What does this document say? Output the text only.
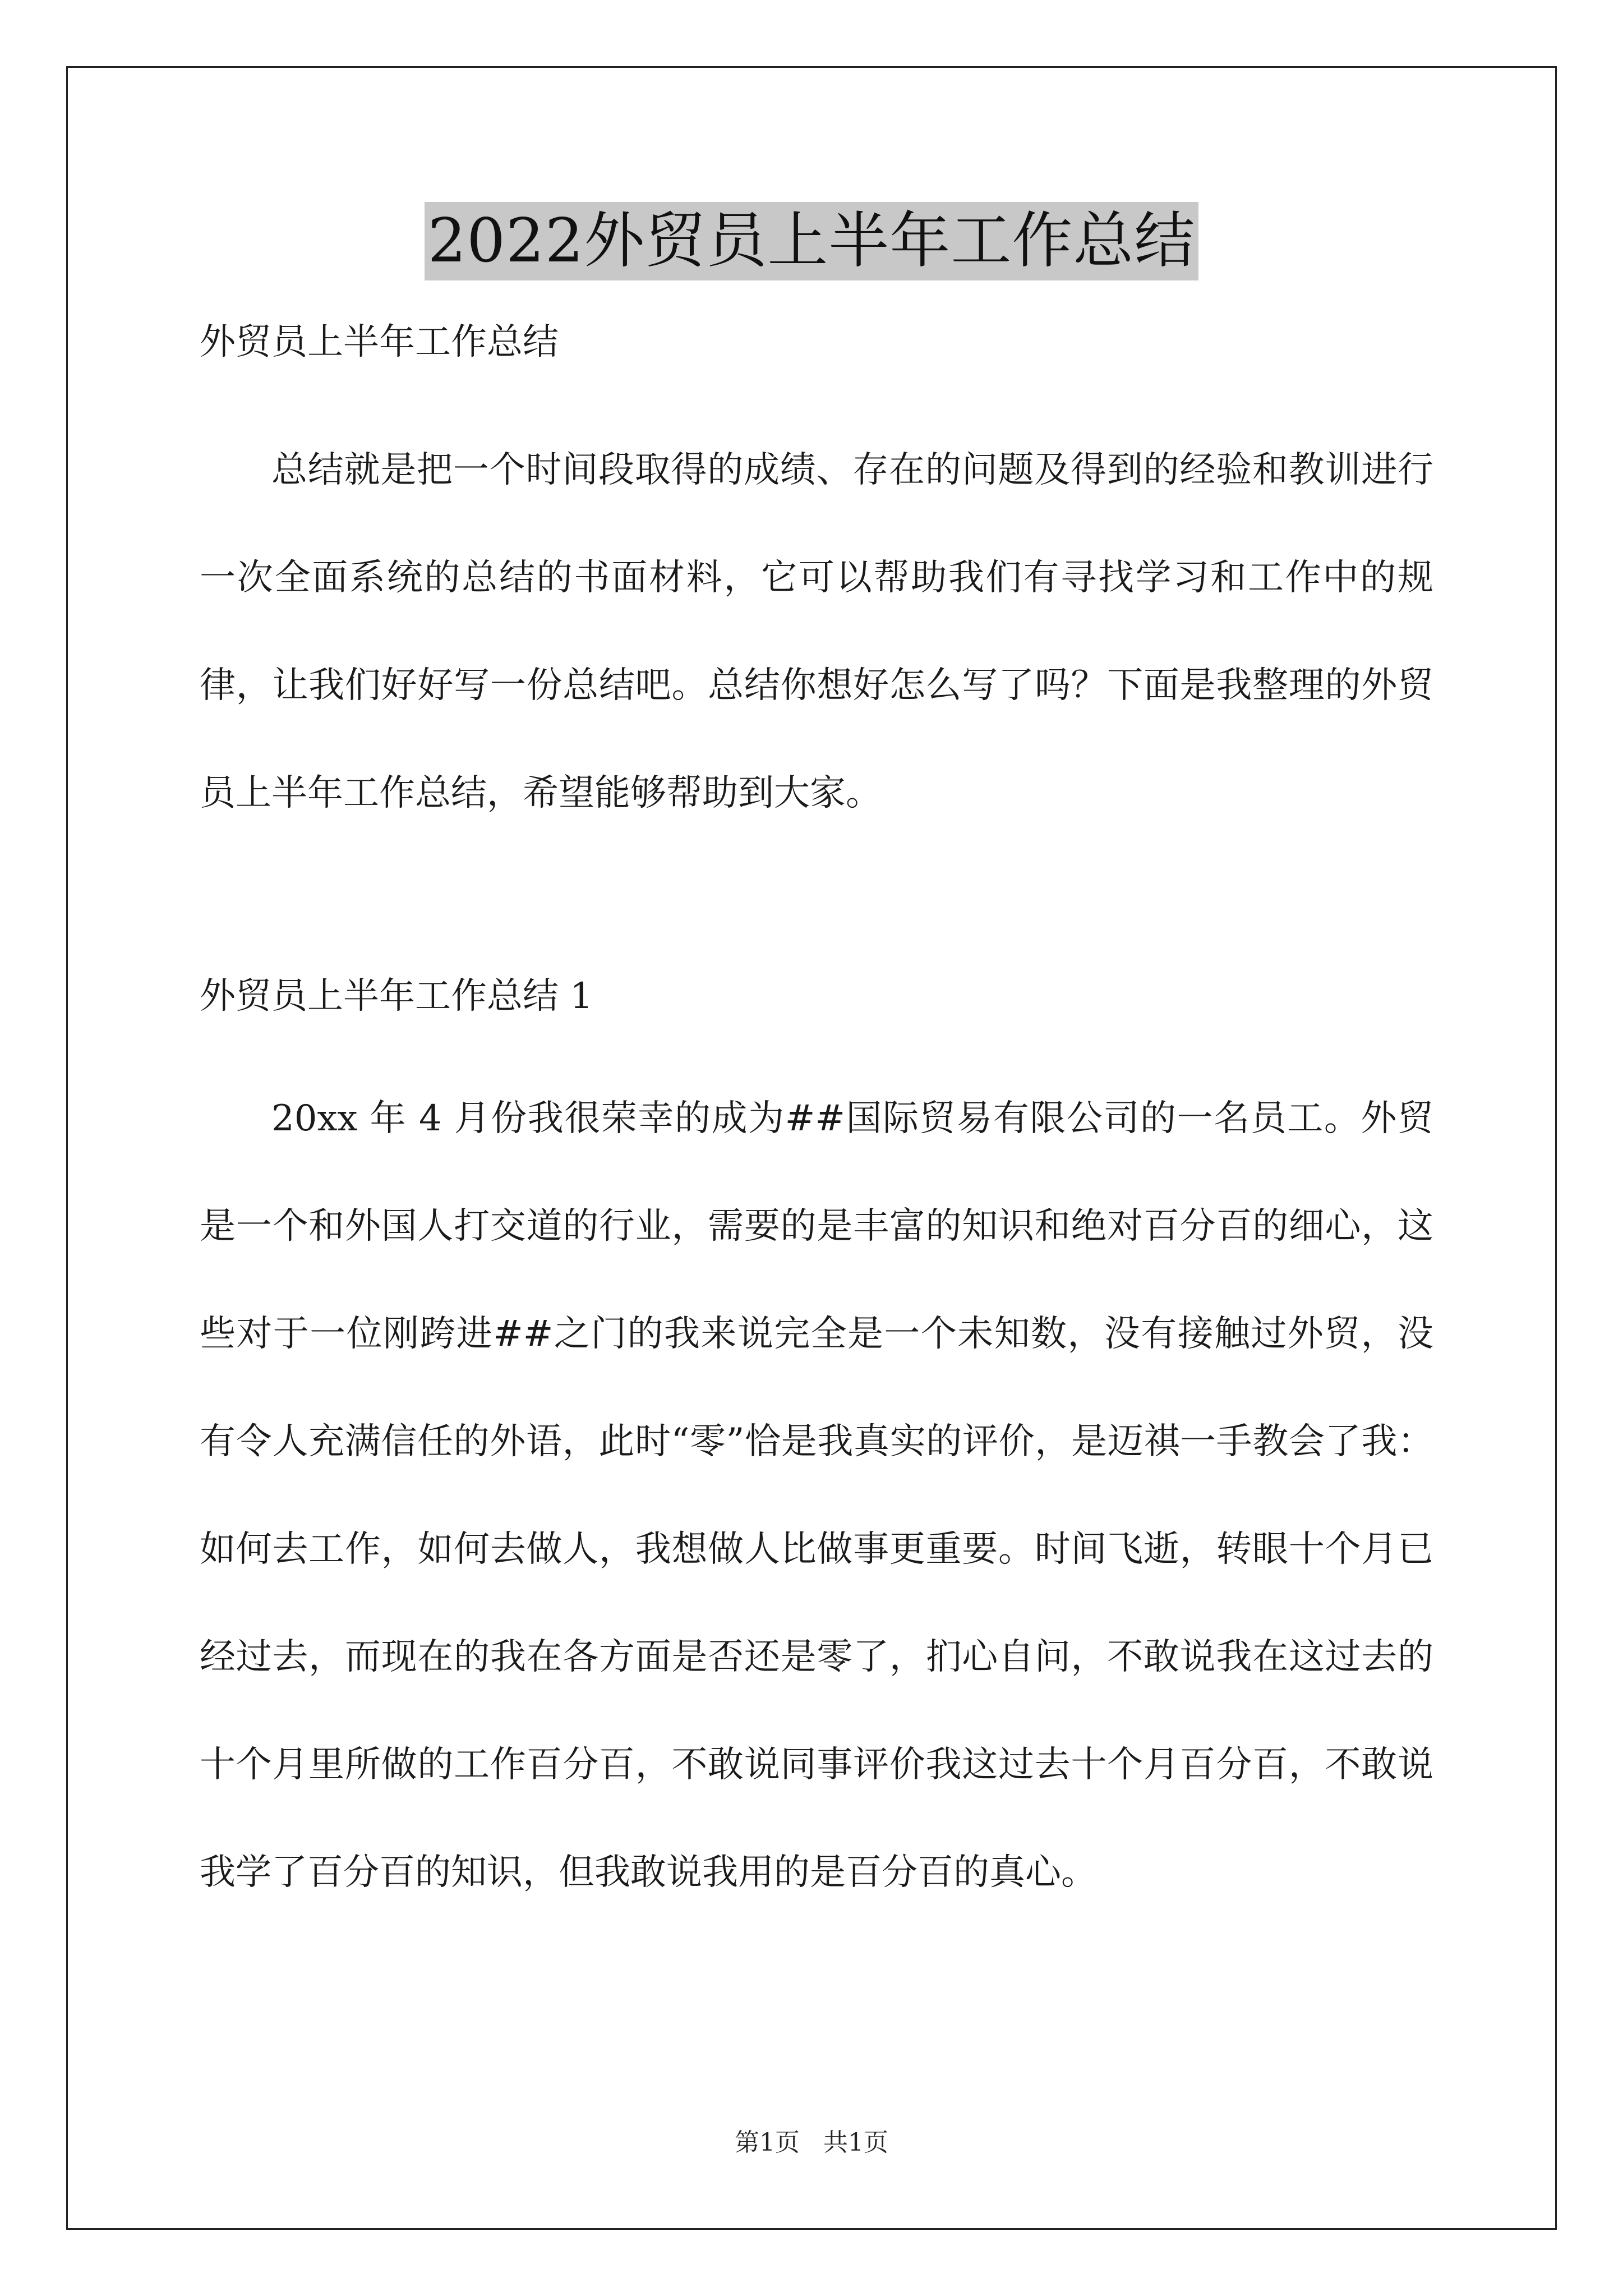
2022外贸员上半年工作总结
外贸员上半年工作总结

总结就是把一个时间段取得的成绩、存在的问题及得到的经验和教训进行一次全面系统的总结的书面材料，它可以帮助我们有寻找学习和工作中的规律，让我们好好写一份总结吧。总结你想好怎么写了吗？下面是我整理的外贸员上半年工作总结，希望能够帮助到大家。

外贸员上半年工作总结 1

20xx 年 4 月份我很荣幸的成为##国际贸易有限公司的一名员工。外贸是一个和外国人打交道的行业，需要的是丰富的知识和绝对百分百的细心，这些对于一位刚跨进##之门的我来说完全是一个未知数，没有接触过外贸，没有令人充满信任的外语，此时“零”恰是我真实的评价，是迈祺一手教会了我：如何去工作，如何去做人，我想做人比做事更重要。时间飞逝，转眼十个月已经过去，而现在的我在各方面是否还是零了，扪心自问，不敢说我在这过去的十个月里所做的工作百分百，不敢说同事评价我这过去十个月百分百，不敢说我学了百分百的知识，但我敢说我用的是百分百的真心。

第1页 共1页
